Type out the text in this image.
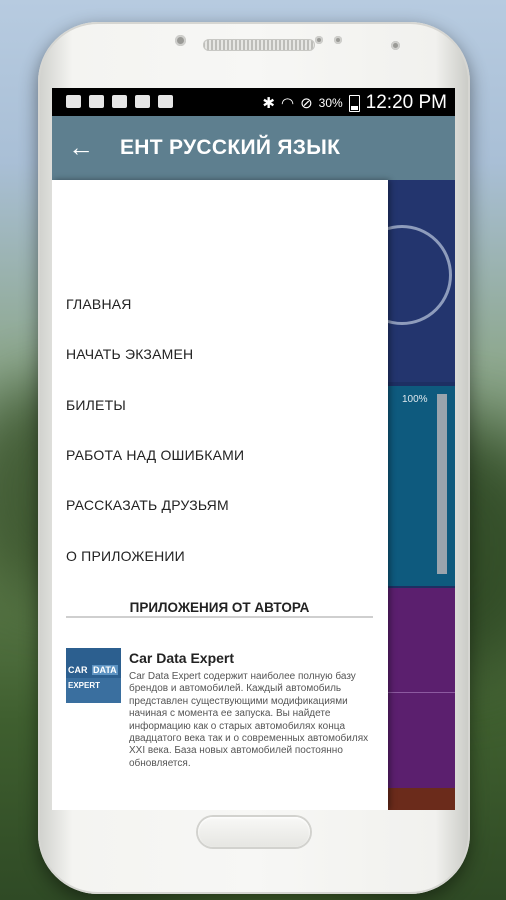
✱ ◠ ⊘ 30% 12:20 PM
← ЕНТ РУССКИЙ ЯЗЫК
100%
ГЛАВНАЯ
НАЧАТЬ ЭКЗАМЕН
БИЛЕТЫ
РАБОТА НАД ОШИБКАМИ
РАССКАЗАТЬ ДРУЗЬЯМ
О ПРИЛОЖЕНИИ
ПРИЛОЖЕНИЯ ОТ АВТОРА
CAR DATA
EXPERT
Car Data Expert
Car Data Expert содержит наиболее полную базу брендов и автомобилей. Каждый автомобиль представлен существующими модификациями начиная с момента ее запуска. Вы найдете информацию как о старых автомобилях конца двадцатого века так и о современных автомобилях XXI века. База новых автомобилей постоянно обновляется.
